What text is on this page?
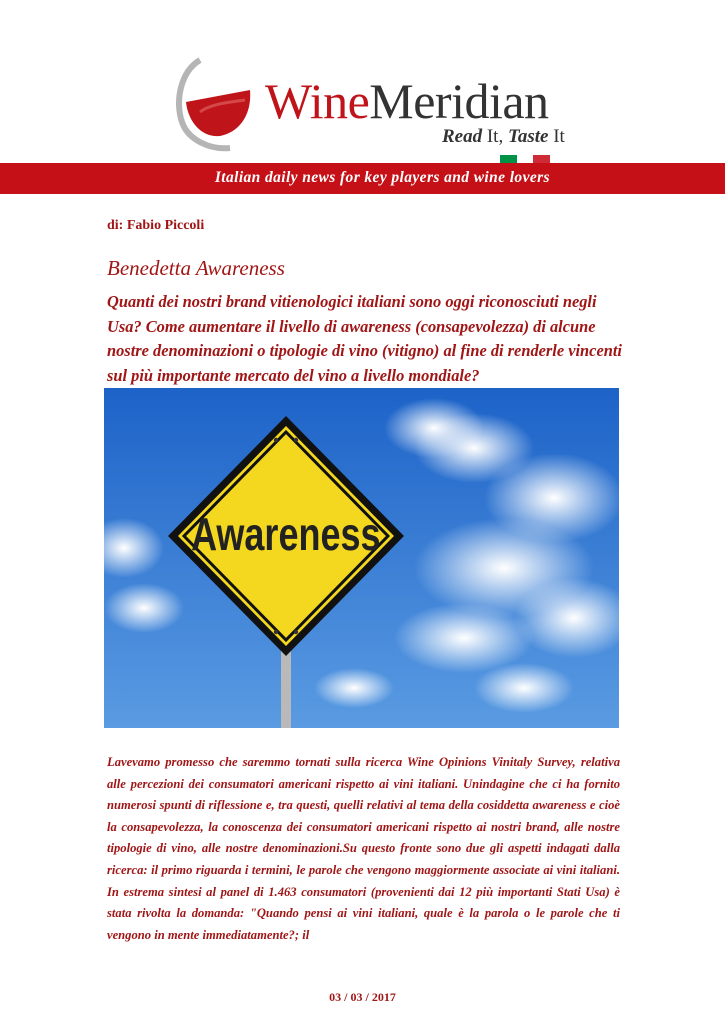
WineMeridian
Read It, Taste It
Italian daily news for key players and wine lovers
di: Fabio Piccoli
Benedetta Awareness
Quanti dei nostri brand vitienologici italiani sono oggi riconosciuti negli Usa? Come aumentare il livello di awareness (consapevolezza) di alcune nostre denominazioni o tipologie di vino (vitigno) al fine di renderle vincenti sul più importante mercato del vino a livello mondiale?
Awareness
Lavevamo promesso che saremmo tornati sulla ricerca Wine Opinions Vinitaly Survey, relativa alle percezioni dei consumatori americani rispetto ai vini italiani. Unindagine che ci ha fornito numerosi spunti di riflessione e, tra questi, quelli relativi al tema della cosiddetta awareness e cioè la consapevolezza, la conoscenza dei consumatori americani rispetto ai nostri brand, alle nostre tipologie di vino, alle nostre denominazioni.Su questo fronte sono due gli aspetti indagati dalla ricerca: il primo riguarda i termini, le parole che vengono maggiormente associate ai vini italiani. In estrema sintesi al panel di 1.463 consumatori (provenienti dai 12 più importanti Stati Usa) è stata rivolta la domanda: "Quando pensi ai vini italiani, quale è la parola o le parole che ti vengono in mente immediatamente?; il
03 / 03 / 2017
